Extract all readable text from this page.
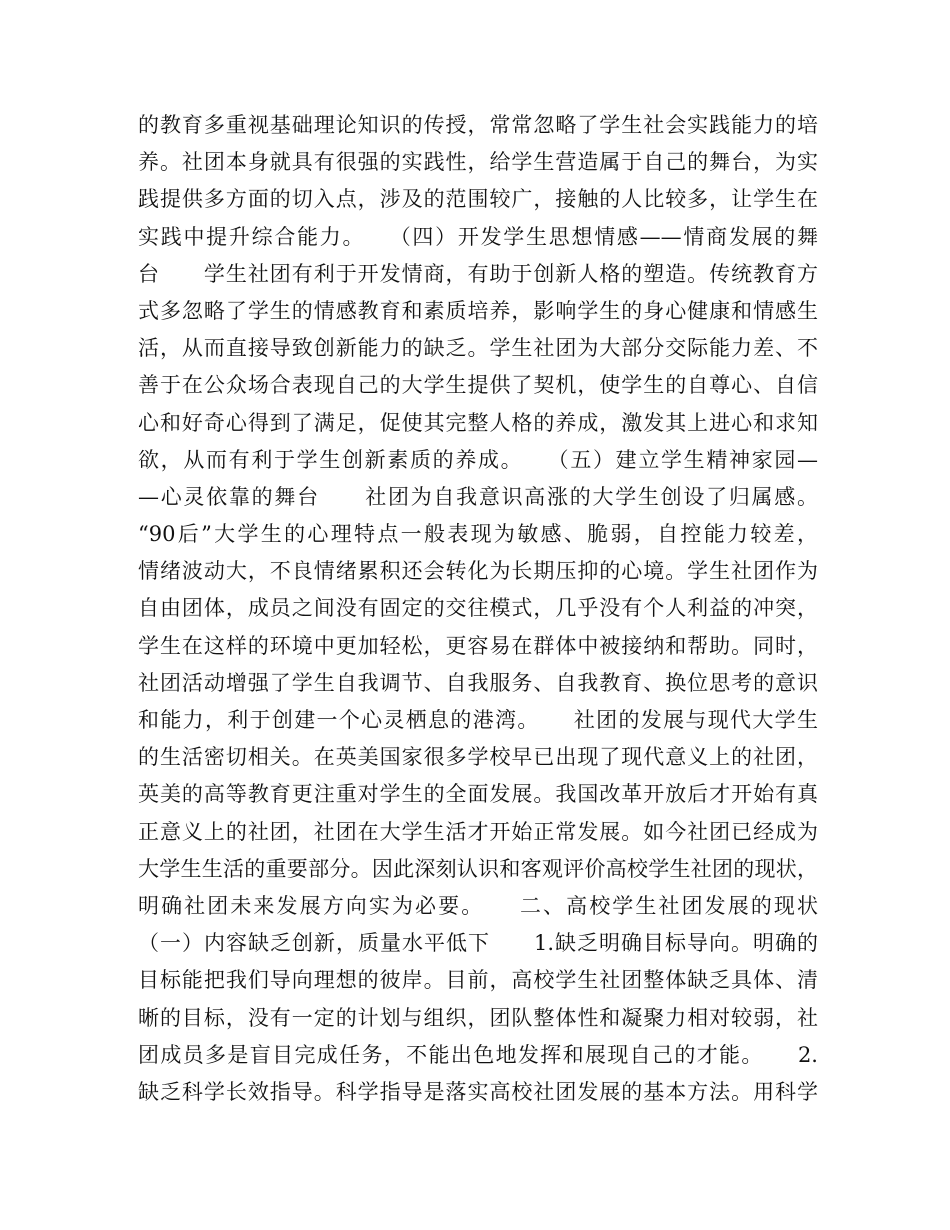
的教育多重视基础理论知识的传授，常常忽略了学生社会实践能力的培
养。社团本身就具有很强的实践性，给学生营造属于自己的舞台，为实
践提供多方面的切入点，涉及的范围较广，接触的人比较多，让学生在
实践中提升综合能力。　　（四）开发学生思想情感——情商发展的舞
台　　学生社团有利于开发情商，有助于创新人格的塑造。传统教育方
式多忽略了学生的情感教育和素质培养，影响学生的身心健康和情感生
活，从而直接导致创新能力的缺乏。学生社团为大部分交际能力差、不
善于在公众场合表现自己的大学生提供了契机，使学生的自尊心、自信
心和好奇心得到了满足，促使其完整人格的养成，激发其上进心和求知
欲，从而有利于学生创新素质的养成。　　（五）建立学生精神家园—
—心灵依靠的舞台　　社团为自我意识高涨的大学生创设了归属感。
“90后”大学生的心理特点一般表现为敏感、脆弱，自控能力较差，
情绪波动大，不良情绪累积还会转化为长期压抑的心境。学生社团作为
自由团体，成员之间没有固定的交往模式，几乎没有个人利益的冲突，
学生在这样的环境中更加轻松，更容易在群体中被接纳和帮助。同时，
社团活动增强了学生自我调节、自我服务、自我教育、换位思考的意识
和能力，利于创建一个心灵栖息的港湾。　　社团的发展与现代大学生
的生活密切相关。在英美国家很多学校早已出现了现代意义上的社团，
英美的高等教育更注重对学生的全面发展。我国改革开放后才开始有真
正意义上的社团，社团在大学生活才开始正常发展。如今社团已经成为
大学生生活的重要部分。因此深刻认识和客观评价高校学生社团的现状，
明确社团未来发展方向实为必要。　　二、高校学生社团发展的现状
（一）内容缺乏创新，质量水平低下　　1.缺乏明确目标导向。明确的
目标能把我们导向理想的彼岸。目前，高校学生社团整体缺乏具体、清
晰的目标，没有一定的计划与组织，团队整体性和凝聚力相对较弱，社
团成员多是盲目完成任务，不能出色地发挥和展现自己的才能。　　2.
缺乏科学长效指导。科学指导是落实高校社团发展的基本方法。用科学
